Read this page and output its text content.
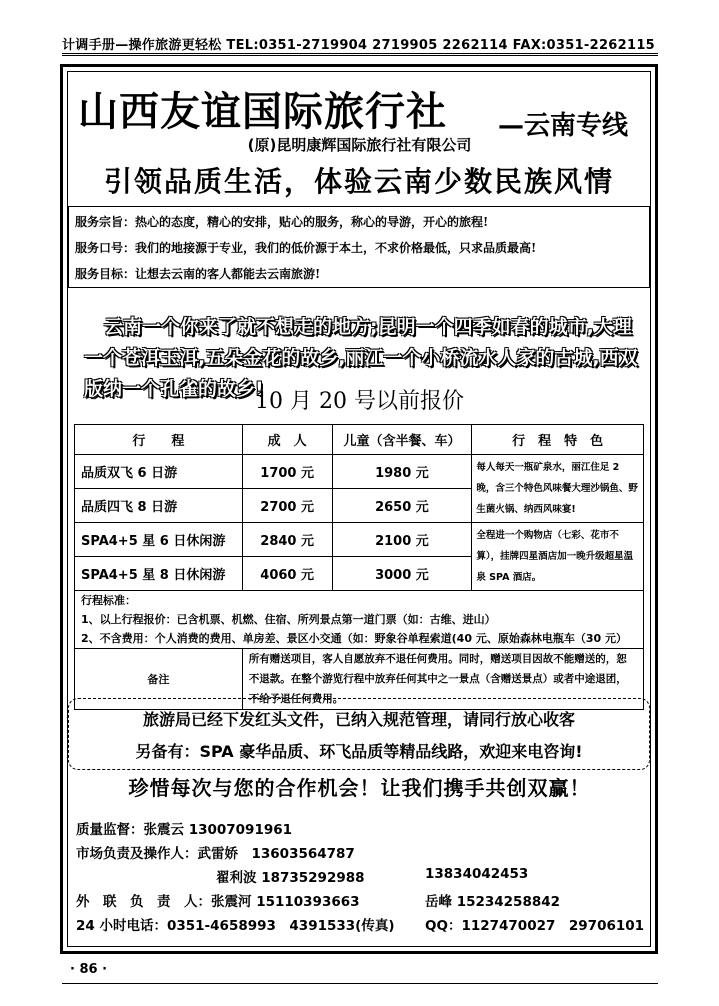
计调手册—操作旅游更轻松 TEL:0351-2719904 2719905 2262114 FAX:0351-2262115
山西友谊国际旅行社 —云南专线
(原)昆明康辉国际旅行社有限公司
引领品质生活，体验云南少数民族风情
服务宗旨：热心的态度，精心的安排，贴心的服务，称心的导游，开心的旅程!
服务口号：我们的地接源于专业，我们的低价源于本土，不求价格最低，只求品质最高!
服务目标：让想去云南的客人都能去云南旅游!
云南一个你来了就不想走的地方;昆明一个四季如春的城市,大理一个苍洱玉洱,五朵金花的故乡,丽江一个小桥流水人家的古城,西双版纳一个孔雀的故乡!
10 月 20 号以前报价
行　　程	成　人	儿童（含半餐、车）	行　程　特　色
品质双飞 6 日游	1700 元	1980 元	每人每天一瓶矿泉水，丽江住足 2 晚，含三个特色风味餐大理沙锅鱼、野生菌火锅、纳西风味宴!
品质四飞 8 日游	2700 元	2650 元	
SPA4+5 星 6 日休闲游	2840 元	2100 元	全程进一个购物店（七彩、花市不算），挂牌四星酒店加一晚升级超星温泉 SPA 酒店。
SPA4+5 星 8 日休闲游	4060 元	3000 元	

行程标准：
1、以上行程报价：已含机票、机燃、住宿、所列景点第一道门票（如：古维、进山）
2、不含费用：个人消费的费用、单房差、景区小交通（如：野象谷单程索道(40 元、原始森林电瓶车（30 元）			

备注	所有赠送项目，客人自愿放弃不退任何费用。同时，赠送项目因故不能赠送的，恕不退款。在整个游览行程中放弃任何其中之一景点（含赠送景点）或者中途退团，不给予退任何费用。		
旅游局已经下发红头文件，已纳入规范管理，请同行放心收客
另备有：SPA 豪华品质、环飞品质等精品线路，欢迎来电咨询!
珍惜每次与您的合作机会！让我们携手共创双赢！
质量监督：张震云 13007091961
市场负责及操作人：武雷娇　13603564787
翟利波 18735292988	13834042453
外　联　负　责　人：张震河 15110393663	岳峰 15234258842
24 小时电话：0351-4658993　4391533(传真) QQ：1127470027　29706101
· 86 ·
